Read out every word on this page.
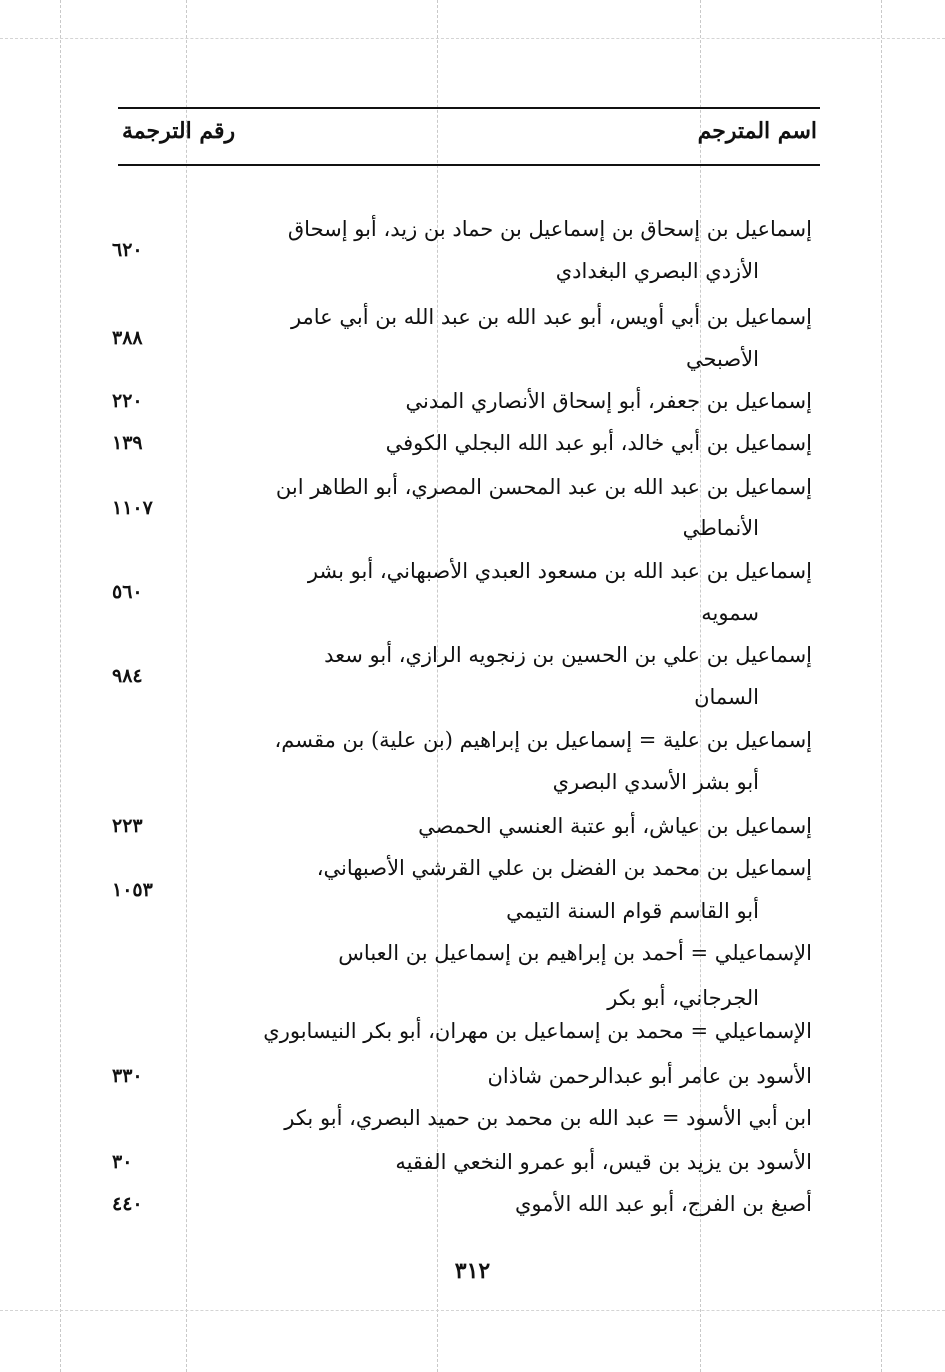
اسم المترجم
رقم الترجمة
إسماعيل بن إسحاق بن إسماعيل بن حماد بن زيد، أبو إسحاق
الأزدي البصري البغدادي
٦٢٠
إسماعيل بن أبي أويس، أبو عبد الله بن عبد الله بن أبي عامر
الأصبحي
٣٨٨
إسماعيل بن جعفر، أبو إسحاق الأنصاري المدني
٢٢٠
إسماعيل بن أبي خالد، أبو عبد الله البجلي الكوفي
١٣٩
إسماعيل بن عبد الله بن عبد المحسن المصري، أبو الطاهر ابن
الأنماطي
١١٠٧
إسماعيل بن عبد الله بن مسعود العبدي الأصبهاني، أبو بشر
سمويه
٥٦٠
إسماعيل بن علي بن الحسين بن زنجويه الرازي، أبو سعد
السمان
٩٨٤
إسماعيل بن علية = إسماعيل بن إبراهيم (بن علية) بن مقسم،
أبو بشر الأسدي البصري
إسماعيل بن عياش، أبو عتبة العنسي الحمصي
٢٢٣
إسماعيل بن محمد بن الفضل بن علي القرشي الأصبهاني،
أبو القاسم قوام السنة التيمي
١٠٥٣
الإسماعيلي = أحمد بن إبراهيم بن إسماعيل بن العباس
الجرجاني، أبو بكر
الإسماعيلي = محمد بن إسماعيل بن مهران، أبو بكر النيسابوري
الأسود بن عامر أبو عبدالرحمن شاذان
٣٣٠
ابن أبي الأسود = عبد الله بن محمد بن حميد البصري، أبو بكر
الأسود بن يزيد بن قيس، أبو عمرو النخعي الفقيه
٣٠
أصبغ بن الفرج، أبو عبد الله الأموي
٤٤٠
٣١٢
